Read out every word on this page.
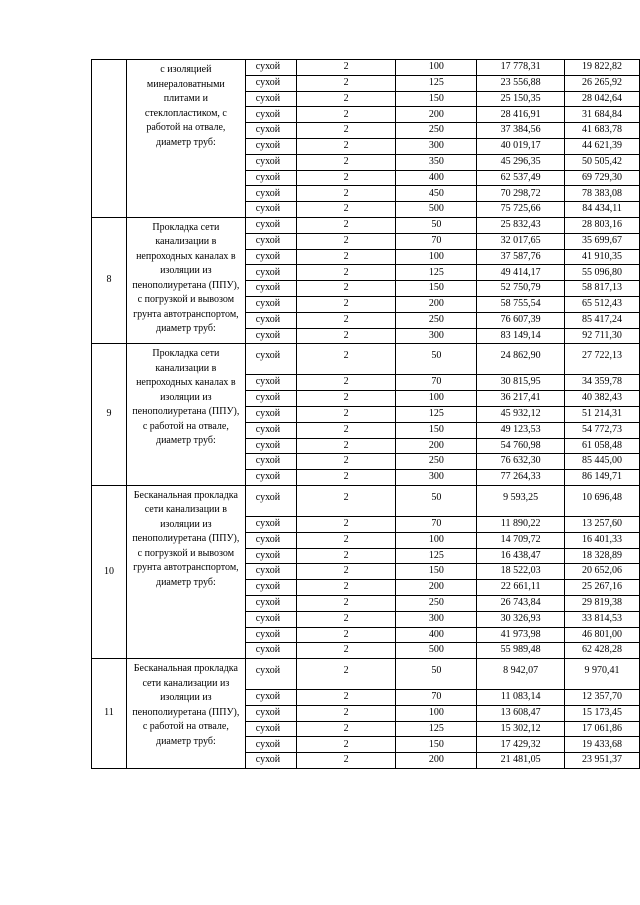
	с изоляцией минераловатными плитами и стеклопластиком, с работой на отвале, диаметр труб:	сухой	2	100	17 778,31	19 822,82
		сухой	2	125	23 556,88	26 265,92
		сухой	2	150	25 150,35	28 042,64
		сухой	2	200	28 416,91	31 684,84
		сухой	2	250	37 384,56	41 683,78
		сухой	2	300	40 019,17	44 621,39
		сухой	2	350	45 296,35	50 505,42
		сухой	2	400	62 537,49	69 729,30
		сухой	2	450	70 298,72	78 383,08
		сухой	2	500	75 725,66	84 434,11
8	Прокладка сети канализации в непроходных каналах в изоляции из пенополиуретана (ППУ), с погрузкой и вывозом грунта автотранспортом, диаметр труб:	сухой	2	50	25 832,43	28 803,16
		сухой	2	70	32 017,65	35 699,67
		сухой	2	100	37 587,76	41 910,35
		сухой	2	125	49 414,17	55 096,80
		сухой	2	150	52 750,79	58 817,13
		сухой	2	200	58 755,54	65 512,43
		сухой	2	250	76 607,39	85 417,24
		сухой	2	300	83 149,14	92 711,30
9	Прокладка сети канализации в непроходных каналах в изоляции из пенополиуретана (ППУ), с работой на отвале, диаметр труб:	сухой	2	50	24 862,90	27 722,13
		сухой	2	70	30 815,95	34 359,78
		сухой	2	100	36 217,41	40 382,43
		сухой	2	125	45 932,12	51 214,31
		сухой	2	150	49 123,53	54 772,73
		сухой	2	200	54 760,98	61 058,48
		сухой	2	250	76 632,30	85 445,00
		сухой	2	300	77 264,33	86 149,71
10	Бесканальная прокладка сети канализации в изоляции из пенополиуретана (ППУ), с погрузкой и вывозом грунта автотранспортом, диаметр труб:	сухой	2	50	9 593,25	10 696,48
		сухой	2	70	11 890,22	13 257,60
		сухой	2	100	14 709,72	16 401,33
		сухой	2	125	16 438,47	18 328,89
		сухой	2	150	18 522,03	20 652,06
		сухой	2	200	22 661,11	25 267,16
		сухой	2	250	26 743,84	29 819,38
		сухой	2	300	30 326,93	33 814,53
		сухой	2	400	41 973,98	46 801,00
		сухой	2	500	55 989,48	62 428,28
11	Бесканальная прокладка сети канализации из изоляции из пенополиуретана (ППУ), с работой на отвале, диаметр труб:	сухой	2	50	8 942,07	9 970,41
		сухой	2	70	11 083,14	12 357,70
		сухой	2	100	13 608,47	15 173,45
		сухой	2	125	15 302,12	17 061,86
		сухой	2	150	17 429,32	19 433,68
		сухой	2	200	21 481,05	23 951,37
